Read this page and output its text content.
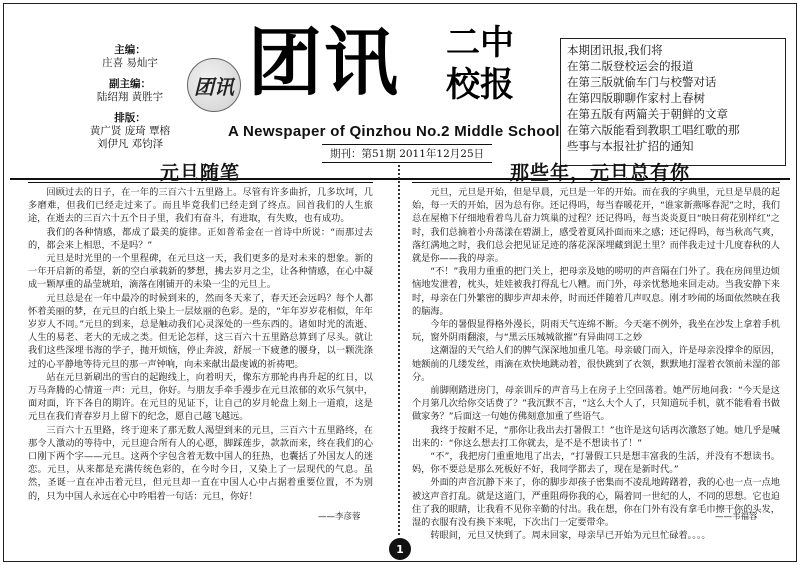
主编：
庄喜 易灿宇
副主编：
陆绍翔 黄胜宇
排版：
黄广贤 庞琦 覃榕
刘伊凡 邓钧泽
团讯 团讯	二中
校报
A Newspaper of Qinzhou No.2 Middle School
期刊：第51期 2011年12月25日
本期团讯报,我们将
在第二版登校运会的报道
在第三版就偷车门与校警对话
在第四版聊聊作家村上春树
在第五版有两篇关于朝鲜的文章
在第六版能看到教职工唱红歌的那
些事与本报社扩招的通知
元旦随笔

回顾过去的日子，在一年的三百六十五里路上。尽管有许多曲折，几多坎坷，几多磨难，但我们已经走过来了。而且毕竟我们已经走到了终点。回首我们的人生旅途，在逝去的三百六十五个日子里，我们有奋斗，有进取，有失败，也有成功。

我们的各种情感，都成了最美的旋律。正如普希金在一首诗中所说：“而那过去的，都会来上相思，不是吗？”

元旦是时光里的一个里程碑，在元旦这一天，我们更多的是对未来的想象。新的一年开启新的希望，新的空白承载新的梦想，拂去岁月之尘，让各种情感，在心中凝成一颗厚重的晶莹琥珀，滴落在刚铺开的未染一尘的元旦上。

元旦总是在一年中最冷的时候到来的，然而冬天来了，春天还会远吗？每个人都怀着美丽的梦，在元旦的白纸上染上一层炫丽的色彩。是的，“年年岁岁花相似，年年岁岁人不同。”元旦的到来，总是触动我们心灵深处的一些东西的。诸如时光的流逝、人生的易老、老大的无成之类。但无论怎样，这三百六十五里路总算到了尽头。就让我们这些深埋书海的学子，抛开烦恼，停止奔波，舒展一下疲惫的腰身，以一颗洗涤过的心平静地等待元旦的那一声钟响，向未来献出最虔诚的祈祷吧。

站在元旦新刷出的雪白的起跑线上，向着明天，像东方那轮冉冉升起的红日，以万马奔腾的心情道一声：元旦，你好。与朋友手牵手漫步在元旦浓郁的欢乐气氛中，面对面，许下各自的期许。在元旦的见证下，让自己的岁月轮盘上刻上一道痕，这是元旦在我们青春岁月上留下的纪念，愿自己越飞越远。

三百六十五里路，终于迎来了那无数人渴望到来的元旦，三百六十五里路终，在那令人激动的等待中，元旦迎合所有人的心愿，脚踩莲步，款款而来，终在我们的心口刚下两个字——元旦。这两个字包含着无数中国人的狂热，也囊括了外国友人的迷恋。元旦，从来都是充满传统色彩的，在今时今日，又染上了一层现代的气息。虽然，圣诞一直在冲击着元旦，但元旦却一直在中国人心中占据着重要位置，不为别的，只为中国人永远在心中吟唱着一句话：元旦，你好！

——李彦蓉
那些年，元旦总有你

元旦，元旦是开始，但是早晨，元旦是一年的开始。而在我的字典里，元旦是早晨的起始，每一天的开始，因为总有你。还记得吗，每当春暖花开，“谁家新燕啄春泥”之时，我们总在屋檐下仔细地看着鸟儿奋力筑巢的过程？还记得吗，每当炎炎夏日“映日荷花别样红”之时，我们总摘着小舟荡漾在碧湖上，感受着夏风扑面而来之感；还记得吗，每当秋高气爽，落红满地之时，我们总会把见证足迹的落花深深埋藏到泥土里？而伴我走过十几度春秋的人就是你——我的母亲。

“不！”我用力重重的把门关上，把母亲及她的唠叨的声音隔在门外了。我在房间里边烦恼地发泄着，枕头，娃娃被我打得乱七八糟。而门外，母亲忧愁地来回走动。当我安静下来时，母亲在门外繁密的脚步声却未停，时而还伴随着几声叹息。刚才吵闹的场面依然映在我的脑海。

今年的暑假显得格外漫长，阴雨天气连绵不断。今天毫不例外，我坐在沙发上拿着手机玩，窗外阴雨翻滚，与“黑云压城城欲摧”有异曲同工之妙

这潮湿的天气给人们的脾气深深地加重几笔。母亲破门而入，许是母亲没撑伞的原因，她额前的几缕发丝，雨滴在欢快地跳动着，很快跳到了衣领，默默地打湿着衣领前未湿的部分。

前脚刚踏进房门，母亲训斥的声音马上在房子上空回荡着。她严厉地问我：“今天是这个月第几次给你交话费了？”我沉默不言，“这么大个人了，只知道玩手机，就不能看看书做做家务？”后面这一句她仿佛刻意加重了些语气。

我终于按耐不足，“那你让我出去打暑假工！”也许是这句话再次激怒了她。她几乎是喊出来的：“你这么想去打工你就去，是不是不想读书了！”

“不”，我把房门重重地甩了出去，“打暑假工只是想丰富我的生活，并没有不想读书。妈，你不要总是那么死板好不好，我同学都去了，现在是新时代。”

外面的声音沉静下来了，你的脚步却孩子密集而不凌乱地踌躇着，我的心也一点一点地被这声音打乱。就是这道门，严重阻碍你我的心，隔着同一世纪的人，不同的思想。它也迫住了我的眼睛，让我看不见你辛勤的付出。我在想，你在门外有没有拿毛巾擦干你的头发，湿的衣服有没有换下来呢，下次出门一定要带伞。

转眼间，元旦又快到了。周末回家，母亲早已开始为元旦忙碌着。。。。

——韦福容
1
